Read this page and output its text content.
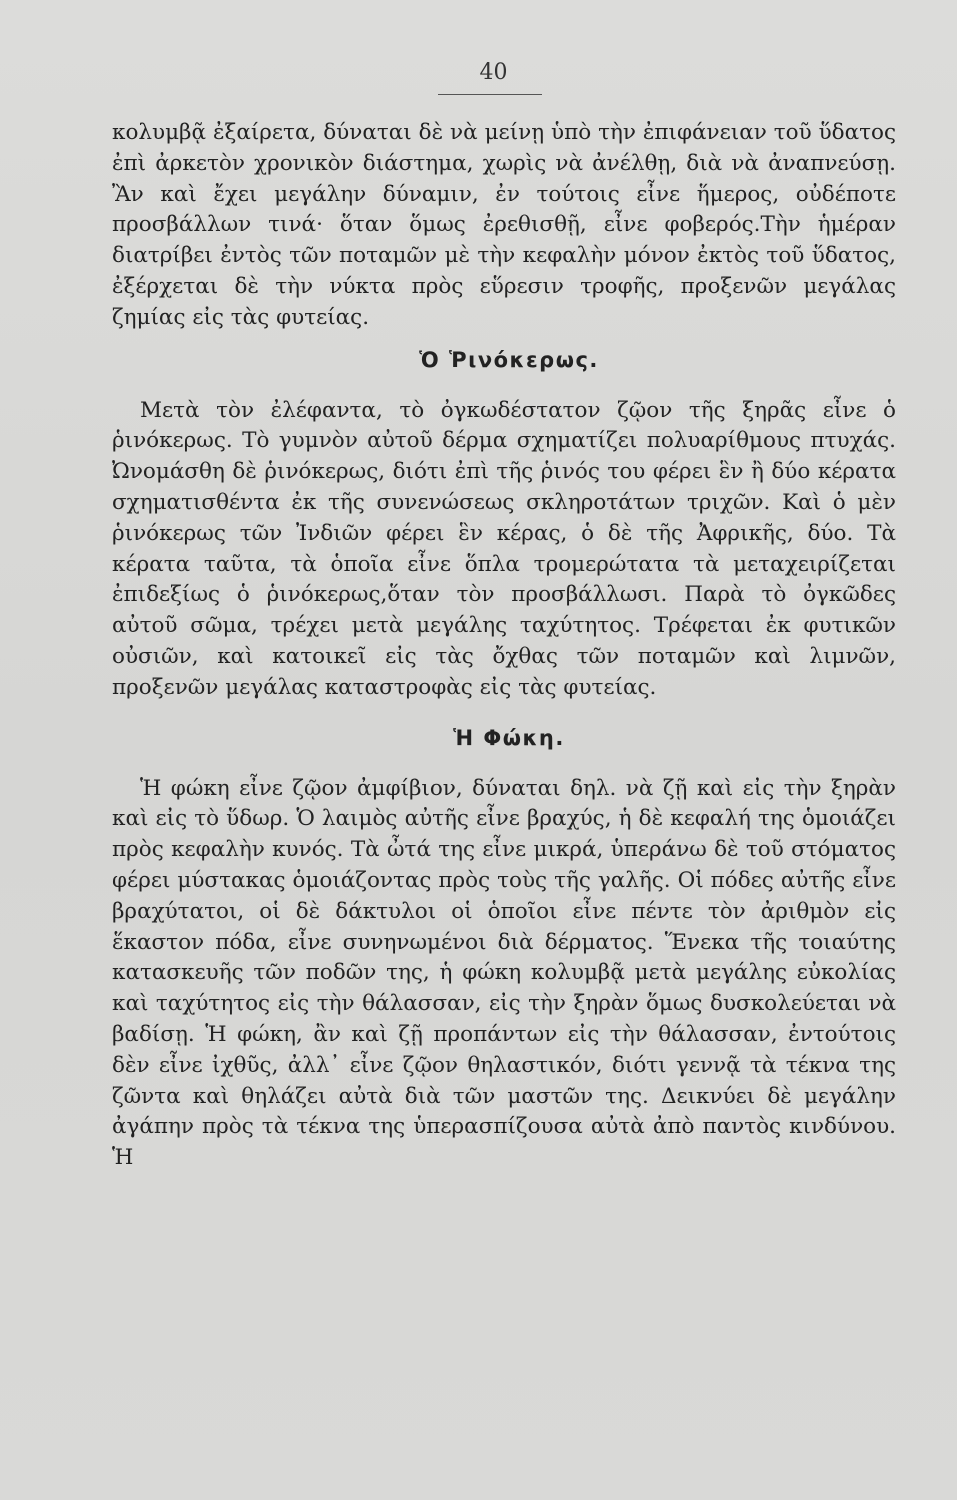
40

κολυμβᾷ ἐξαίρετα, δύναται δὲ νὰ μείνῃ ὑπὸ τὴν ἐπιφάνειαν τοῦ ὕδατος ἐπὶ ἀρκετὸν χρονικὸν διάστημα, χωρὶς νὰ ἀνέλθῃ, διὰ νὰ ἀναπνεύσῃ. Ἂν καὶ ἔχει μεγάλην δύναμιν, ἐν τούτοις εἶνε ἥμερος, οὐδέποτε προσβάλλων τινά· ὅταν ὅμως ἐρεθισθῇ, εἶνε φοβερός.Τὴν ἡμέραν διατρίβει ἐντὸς τῶν ποταμῶν μὲ τὴν κεφαλὴν μόνον ἐκτὸς τοῦ ὕδατος, ἐξέρχεται δὲ τὴν νύκτα πρὸς εὕρεσιν τροφῆς, προξενῶν μεγάλας ζημίας εἰς τὰς φυτείας.

Ὁ Ῥινόκερως.

Μετὰ τὸν ἐλέφαντα, τὸ ὀγκωδέστατον ζῷον τῆς ξηρᾶς εἶνε ὁ ῥινόκερως. Τὸ γυμνὸν αὐτοῦ δέρμα σχηματίζει πολυαρίθμους πτυχάς. Ὠνομάσθη δὲ ῥινόκερως, διότι ἐπὶ τῆς ῥινός του φέρει ἓν ἢ δύο κέρατα σχηματισθέντα ἐκ τῆς συνενώσεως σκληροτάτων τριχῶν. Καὶ ὁ μὲν ῥινόκερως τῶν Ἰνδιῶν φέρει ἓν κέρας, ὁ δὲ τῆς Ἀφρικῆς, δύο. Τὰ κέρατα ταῦτα, τὰ ὁποῖα εἶνε ὅπλα τρομερώτατα τὰ μεταχειρίζεται ἐπιδεξίως ὁ ῥινόκερως,ὅταν τὸν προσβάλλωσι. Παρὰ τὸ ὀγκῶδες αὐτοῦ σῶμα, τρέχει μετὰ μεγάλης ταχύτητος. Τρέφεται ἐκ φυτικῶν οὐσιῶν, καὶ κατοικεῖ εἰς τὰς ὄχθας τῶν ποταμῶν καὶ λιμνῶν, προξενῶν μεγάλας καταστροφὰς εἰς τὰς φυτείας.

Ἡ Φώκη.

Ἡ φώκη εἶνε ζῷον ἀμφίβιον, δύναται δηλ. νὰ ζῇ καὶ εἰς τὴν ξηρὰν καὶ εἰς τὸ ὕδωρ. Ὁ λαιμὸς αὐτῆς εἶνε βραχύς, ἡ δὲ κεφαλή της ὁμοιάζει πρὸς κεφαλὴν κυνός. Τὰ ὦτά της εἶνε μικρά, ὑπεράνω δὲ τοῦ στόματος φέρει μύστακας ὁμοιάζοντας πρὸς τοὺς τῆς γαλῆς. Οἱ πόδες αὐτῆς εἶνε βραχύτατοι, οἱ δὲ δάκτυλοι οἱ ὁποῖοι εἶνε πέντε τὸν ἀριθμὸν εἰς ἕκαστον πόδα, εἶνε συνηνωμένοι διὰ δέρματος. Ἕνεκα τῆς τοιαύτης κατασκευῆς τῶν ποδῶν της, ἡ φώκη κολυμβᾷ μετὰ μεγάλης εὐκολίας καὶ ταχύτητος εἰς τὴν θάλασσαν, εἰς τὴν ξηρὰν ὅμως δυσκολεύεται νὰ βαδίσῃ. Ἡ φώκη, ἂν καὶ ζῇ προπάντων εἰς τὴν θάλασσαν, ἐντούτοις δὲν εἶνε ἰχθῦς, ἀλλ᾽ εἶνε ζῷον θηλαστικόν, διότι γεννᾷ τὰ τέκνα της ζῶντα καὶ θηλάζει αὐτὰ διὰ τῶν μαστῶν της. Δεικνύει δὲ μεγάλην ἀγάπην πρὸς τὰ τέκνα της ὑπερασπίζουσα αὐτὰ ἀπὸ παντὸς κινδύνου. Ἡ
